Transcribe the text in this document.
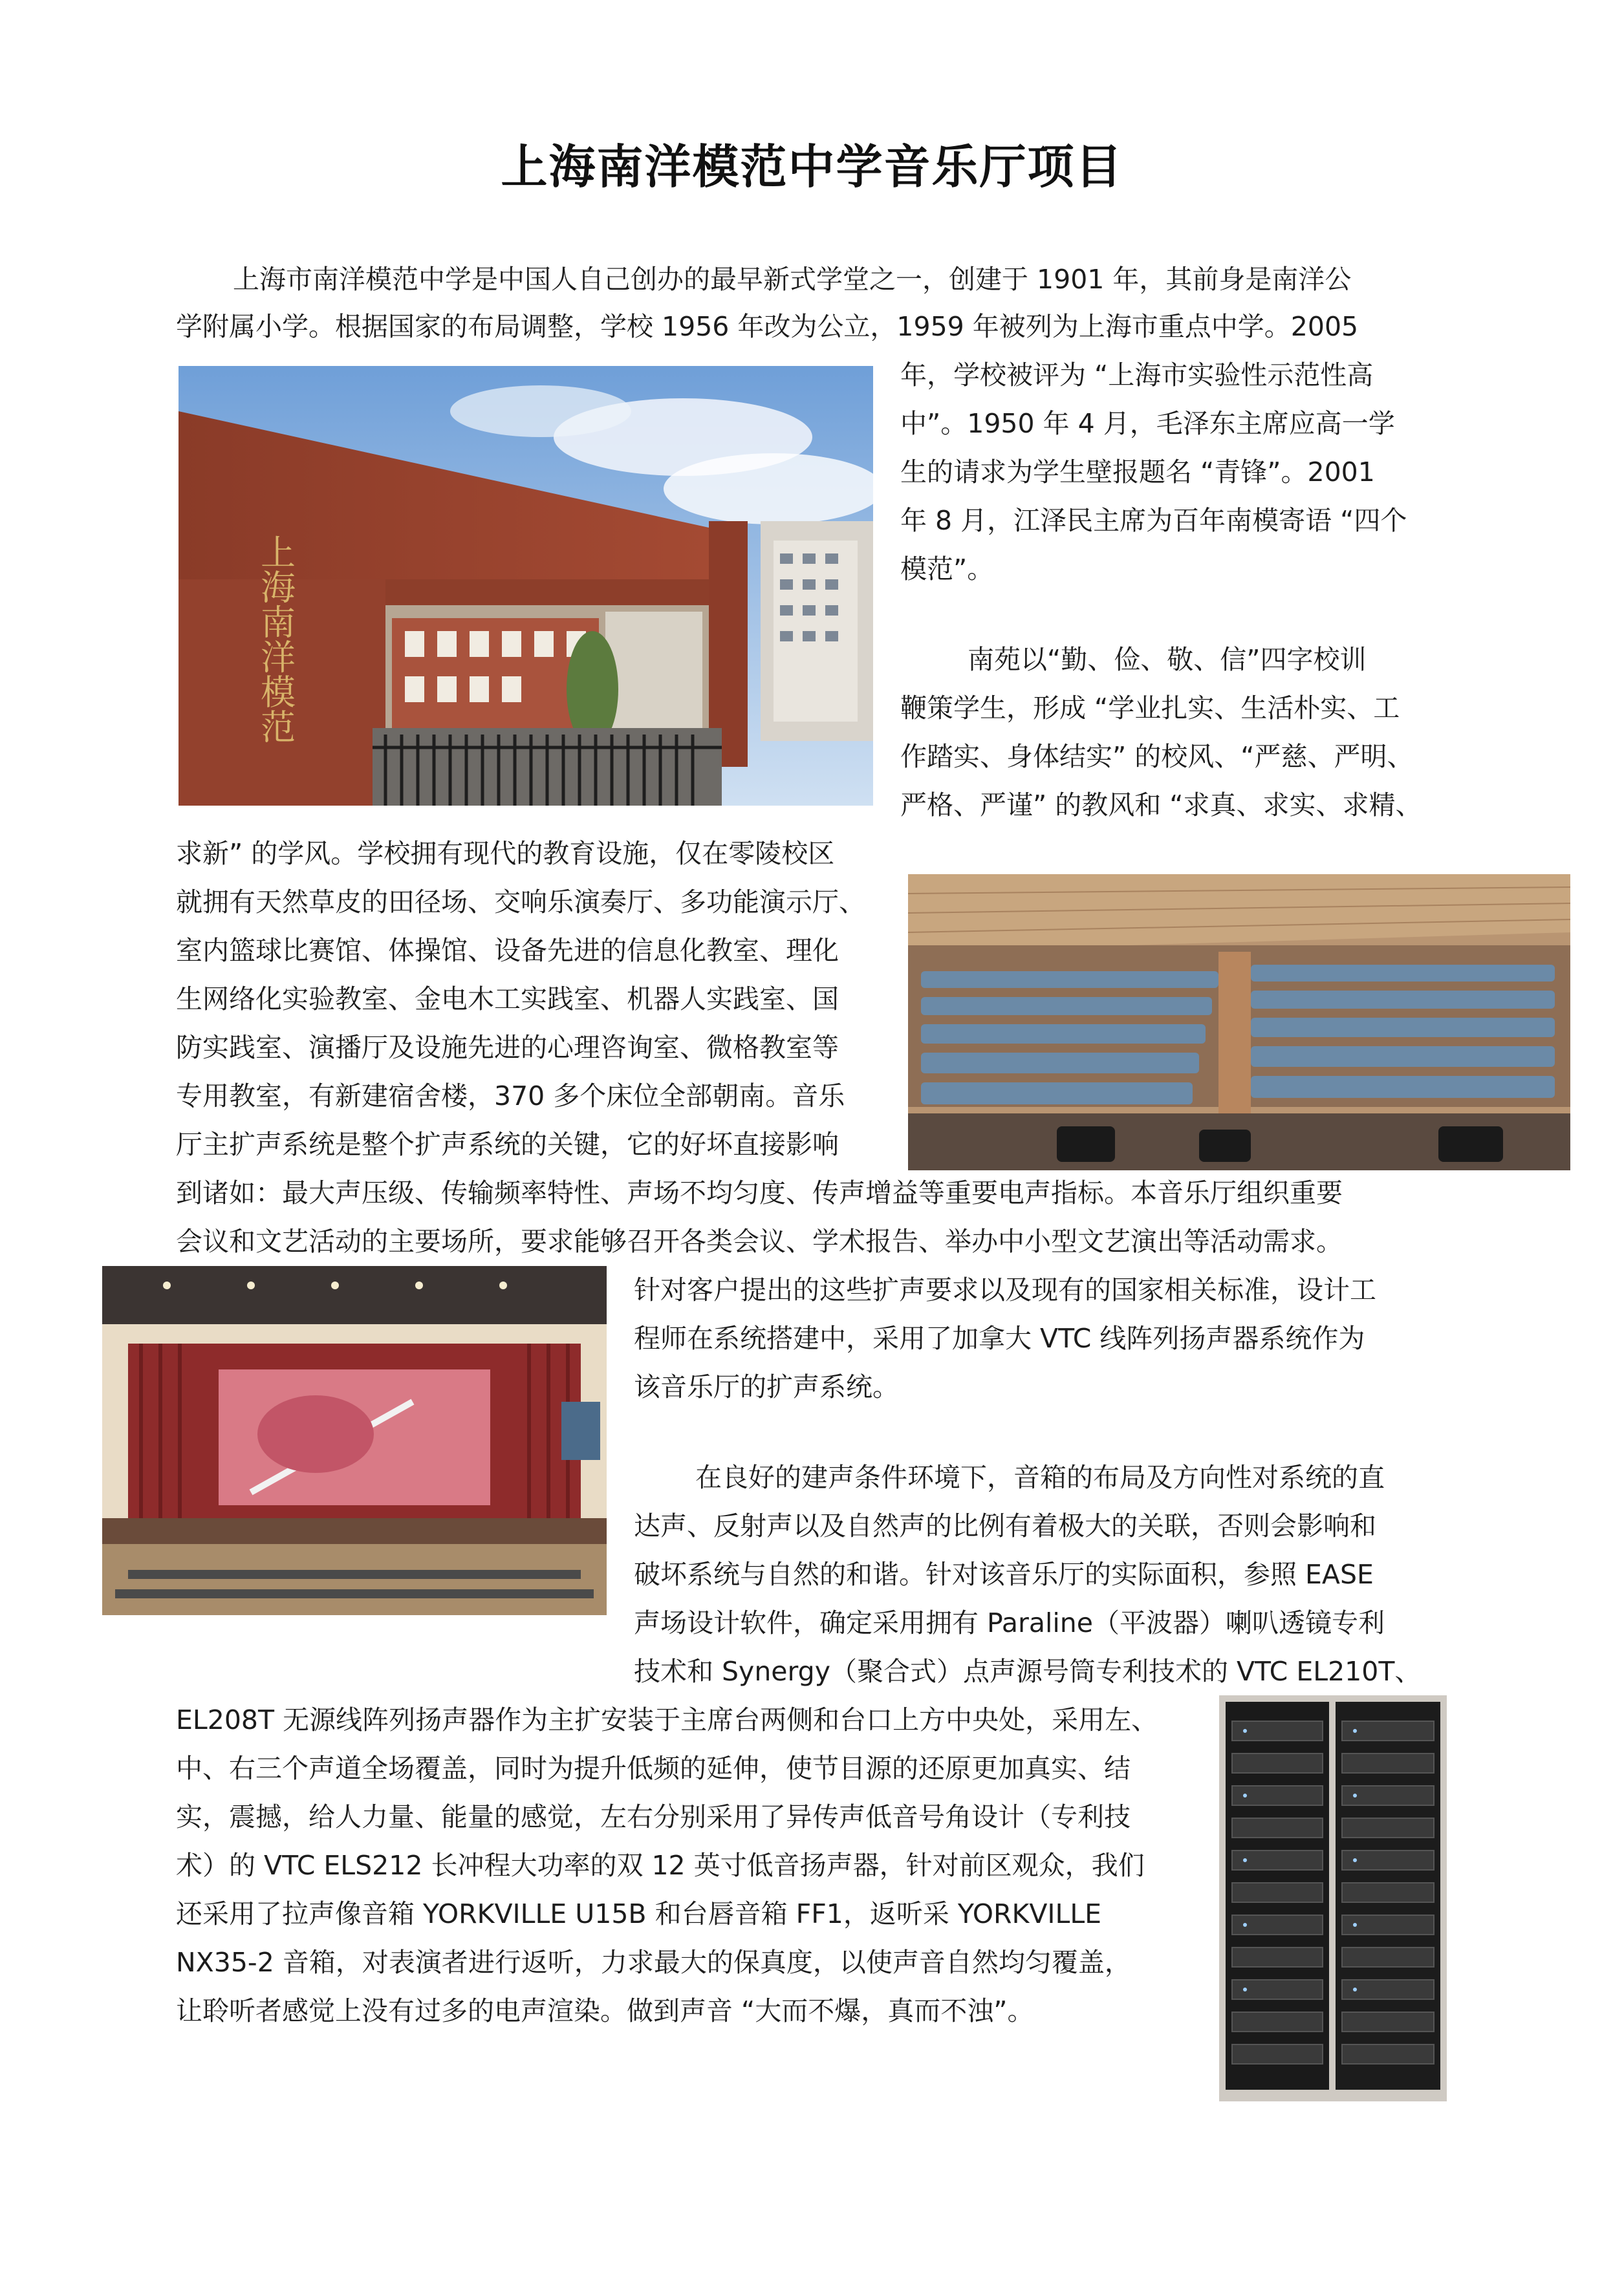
上海南洋模范中学音乐厅项目
上海市南洋模范中学是中国人自己创办的最早新式学堂之一，创建于 1901 年，其前身是南洋公
学附属小学。根据国家的布局调整，学校 1956 年改为公立，1959 年被列为上海市重点中学。2005
年，学校被评为 “上海市实验性示范性高
中”。1950 年 4 月，毛泽东主席应高一学
生的请求为学生壁报题名 “青锋”。2001
年 8 月，江泽民主席为百年南模寄语 “四个
模范”。
南苑以“勤、俭、敬、信”四字校训
鞭策学生，形成 “学业扎实、生活朴实、工
作踏实、身体结实” 的校风、“严慈、严明、
严格、严谨” 的教风和 “求真、求实、求精、
求新” 的学风。学校拥有现代的教育设施，仅在零陵校区
就拥有天然草皮的田径场、交响乐演奏厅、多功能演示厅、
室内篮球比赛馆、体操馆、设备先进的信息化教室、理化
生网络化实验教室、金电木工实践室、机器人实践室、国
防实践室、演播厅及设施先进的心理咨询室、微格教室等
专用教室，有新建宿舍楼，370 多个床位全部朝南。音乐
厅主扩声系统是整个扩声系统的关键，它的好坏直接影响
到诸如：最大声压级、传输频率特性、声场不均匀度、传声增益等重要电声指标。本音乐厅组织重要
会议和文艺活动的主要场所，要求能够召开各类会议、学术报告、举办中小型文艺演出等活动需求。
针对客户提出的这些扩声要求以及现有的国家相关标准，设计工
程师在系统搭建中，采用了加拿大 VTC 线阵列扬声器系统作为
该音乐厅的扩声系统。
在良好的建声条件环境下，音箱的布局及方向性对系统的直
达声、反射声以及自然声的比例有着极大的关联，否则会影响和
破坏系统与自然的和谐。针对该音乐厅的实际面积，参照 EASE
声场设计软件，确定采用拥有 Paraline（平波器）喇叭透镜专利
技术和 Synergy（聚合式）点声源号筒专利技术的 VTC EL210T、
EL208T 无源线阵列扬声器作为主扩安装于主席台两侧和台口上方中央处，采用左、
中、右三个声道全场覆盖，同时为提升低频的延伸，使节目源的还原更加真实、结
实，震撼，给人力量、能量的感觉，左右分别采用了异传声低音号角设计（专利技
术）的 VTC ELS212 长冲程大功率的双 12 英寸低音扬声器，针对前区观众，我们
还采用了拉声像音箱 YORKVILLE U15B 和台唇音箱 FF1，返听采 YORKVILLE
NX35-2 音箱，对表演者进行返听，力求最大的保真度，以使声音自然均匀覆盖，
让聆听者感觉上没有过多的电声渲染。做到声音 “大而不爆，真而不浊”。
上海南洋模范
